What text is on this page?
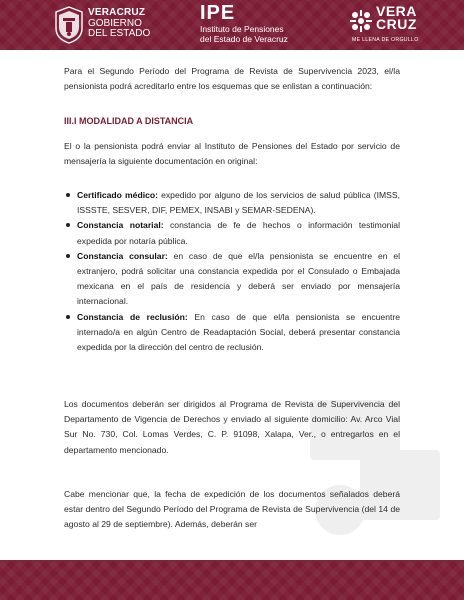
VERACRUZ
GOBIERNO
DEL ESTADO
IPE
Instituto de Pensiones
del Estado de Veracruz
VERA
CRUZ
ME LLENA DE ORGULLO

Para el Segundo Período del Programa de Revista de Supervivencia 2023, el/la pensionista podrá acreditarlo entre los esquemas que se enlistan a continuación:

III.I MODALIDAD A DISTANCIA

El o la pensionista podrá enviar al Instituto de Pensiones del Estado por servicio de mensajería la siguiente documentación en original:

Certificado médico: expedido por alguno de los servicios de salud pública (IMSS, ISSSTE, SESVER, DIF, PEMEX, INSABI y SEMAR-SEDENA).
Constancia notarial: constancia de fe de hechos o información testimonial expedida por notaría pública.
Constancia consular: en caso de que el/la pensionista se encuentre en el extranjero, podrá solicitar una constancia expedida por el Consulado o Embajada mexicana en el país de residencia y deberá ser enviado por mensajería internacional.
Constancia de reclusión: En caso de que el/la pensionista se encuentre internado/a en algún Centro de Readaptación Social, deberá presentar constancia expedida por la dirección del centro de reclusión.

Los documentos deberán ser dirigidos al Programa de Revista de Supervivencia del Departamento de Vigencia de Derechos y enviado al siguiente domicilio: Av. Arco Vial Sur No. 730, Col. Lomas Verdes, C. P. 91098, Xalapa, Ver., o entregarlos en el departamento mencionado.

Cabe mencionar que, la fecha de expedición de los documentos señalados deberá estar dentro del Segundo Período del Programa de Revista de Supervivencia (del 14 de agosto al 29 de septiembre). Además, deberán ser
